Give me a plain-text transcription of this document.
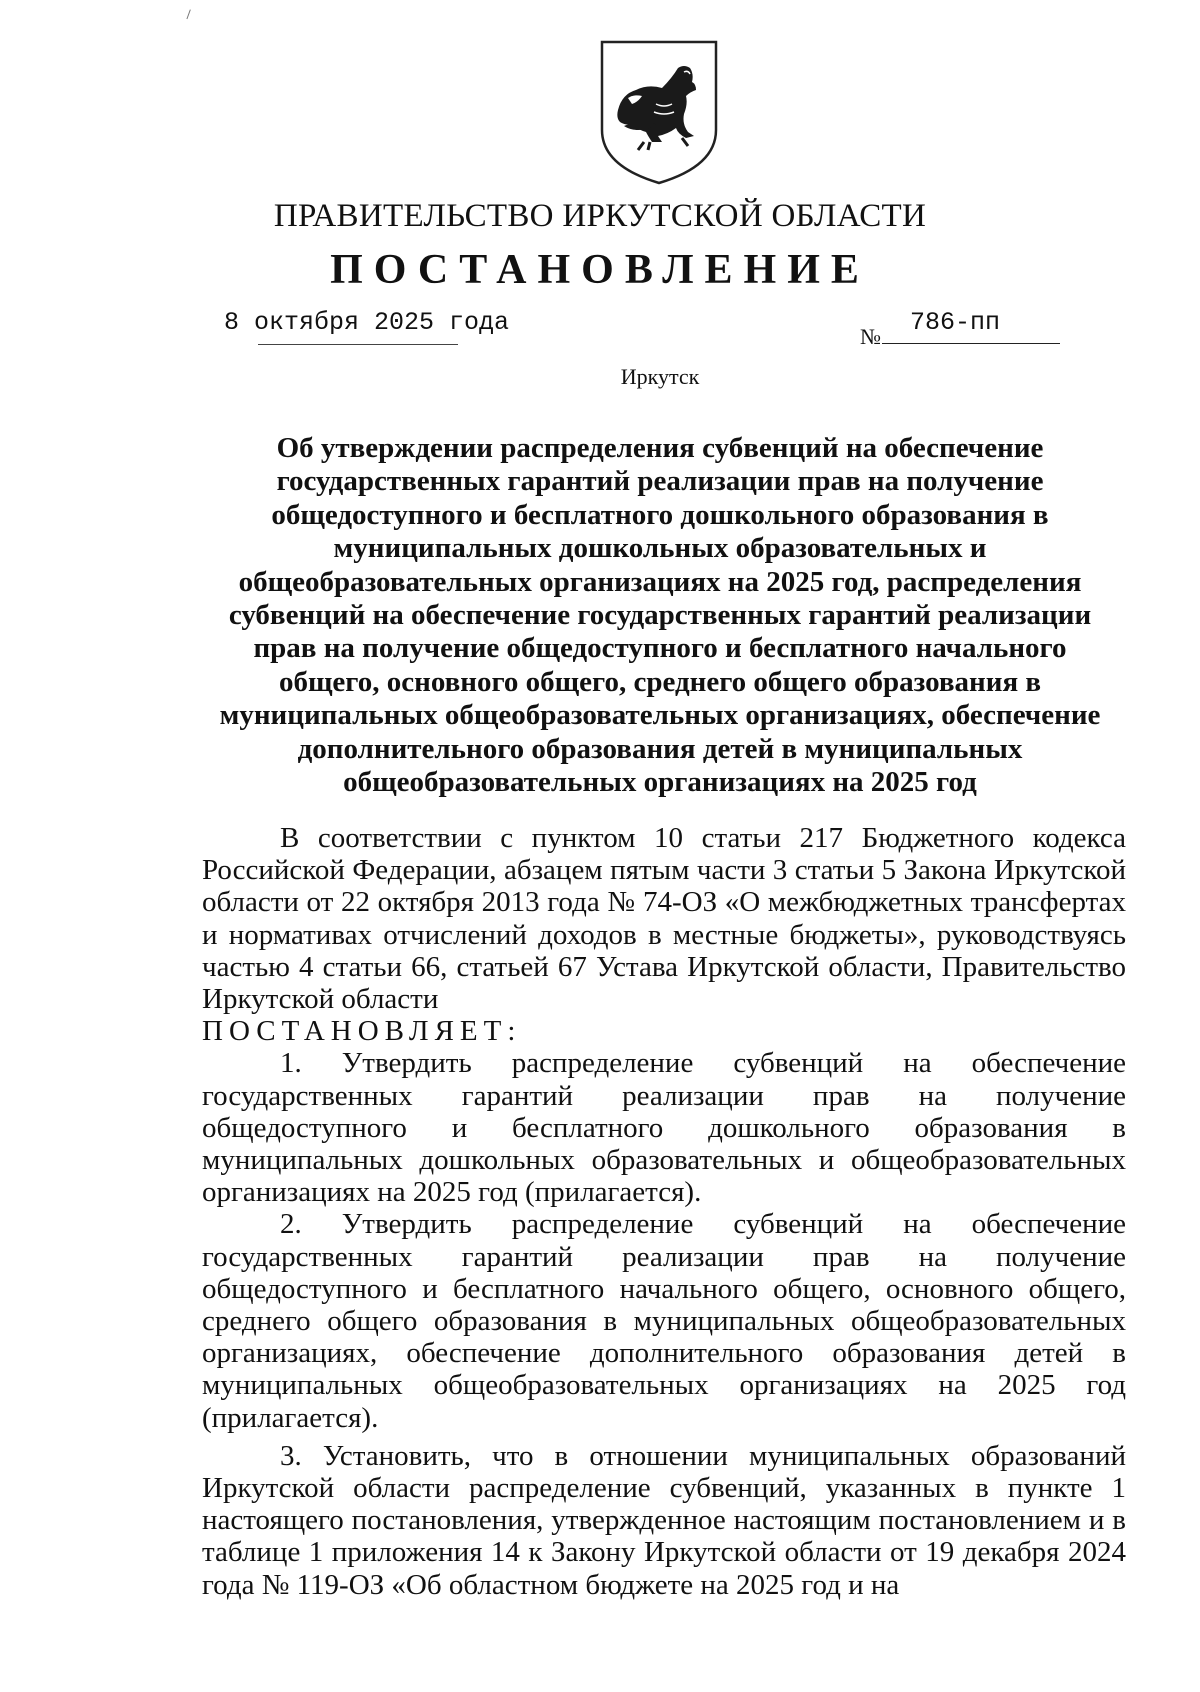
ПРАВИТЕЛЬСТВО ИРКУТСКОЙ ОБЛАСТИ
ПОСТАНОВЛЕНИЕ
8 октября 2025 года	№ 786-пп
Иркутск
Об утверждении распределения субвенций на обеспечение государственных гарантий реализации прав на получение общедоступного и бесплатного дошкольного образования в муниципальных дошкольных образовательных и общеобразовательных организациях на 2025 год, распределения субвенций на обеспечение государственных гарантий реализации прав на получение общедоступного и бесплатного начального общего, основного общего, среднего общего образования в муниципальных общеобразовательных организациях, обеспечение дополнительного образования детей в муниципальных общеобразовательных организациях на 2025 год

В соответствии с пунктом 10 статьи 217 Бюджетного кодекса Российской Федерации, абзацем пятым части 3 статьи 5 Закона Иркутской области от 22 октября 2013 года № 74-ОЗ «О межбюджетных трансфертах и нормативах отчислений доходов в местные бюджеты», руководствуясь частью 4 статьи 66, статьей 67 Устава Иркутской области, Правительство Иркутской области

ПОСТАНОВЛЯЕТ:

1. Утвердить распределение субвенций на обеспечение государственных гарантий реализации прав на получение общедоступного и бесплатного дошкольного образования в муниципальных дошкольных образовательных и общеобразовательных организациях на 2025 год (прилагается).

2. Утвердить распределение субвенций на обеспечение государственных гарантий реализации прав на получение общедоступного и бесплатного начального общего, основного общего, среднего общего образования в муниципальных общеобразовательных организациях, обеспечение дополнительного образования детей в муниципальных общеобразовательных организациях на 2025 год (прилагается).

3. Установить, что в отношении муниципальных образований Иркутской области распределение субвенций, указанных в пункте 1 настоящего постановления, утвержденное настоящим постановлением и в таблице 1 приложения 14 к Закону Иркутской области от 19 декабря 2024 года № 119-ОЗ «Об областном бюджете на 2025 год и на
